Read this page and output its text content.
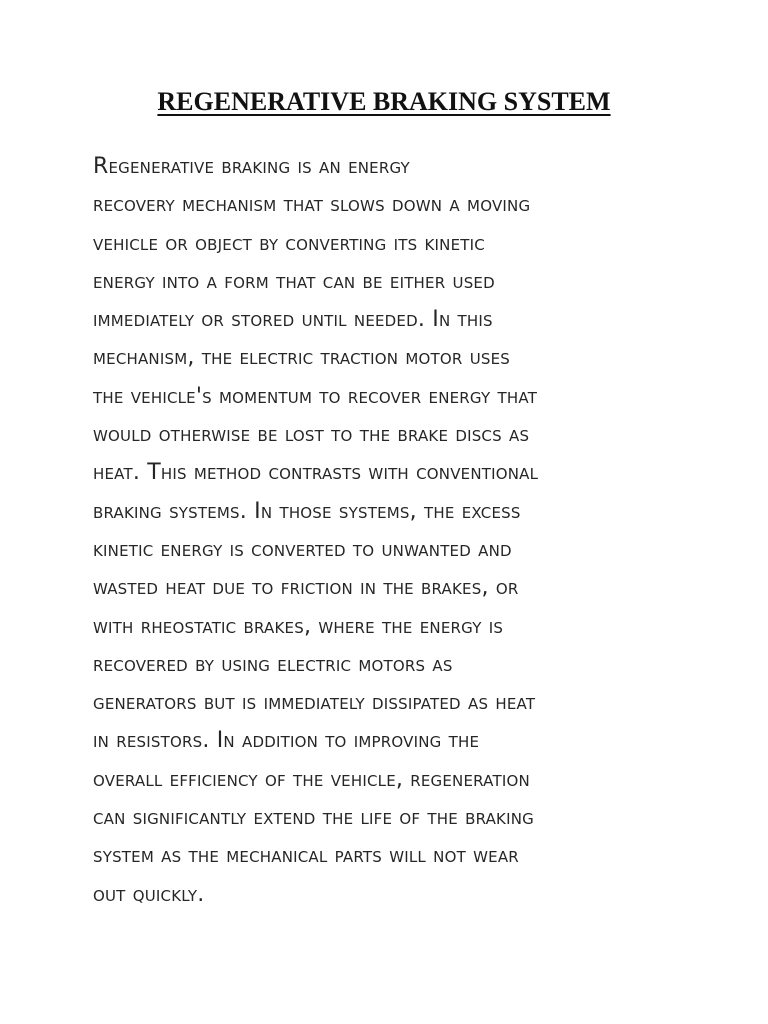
REGENERATIVE BRAKING SYSTEM

Regenerative braking is an energy
recovery mechanism that slows down a moving
vehicle or object by converting its kinetic
energy into a form that can be either used
immediately or stored until needed. In this
mechanism, the electric traction motor uses
the vehicle's momentum to recover energy that
would otherwise be lost to the brake discs as
heat. This method contrasts with conventional
braking systems. In those systems, the excess
kinetic energy is converted to unwanted and
wasted heat due to friction in the brakes, or
with rheostatic brakes, where the energy is
recovered by using electric motors as
generators but is immediately dissipated as heat
in resistors. In addition to improving the
overall efficiency of the vehicle, regeneration
can significantly extend the life of the braking
system as the mechanical parts will not wear
out quickly.
